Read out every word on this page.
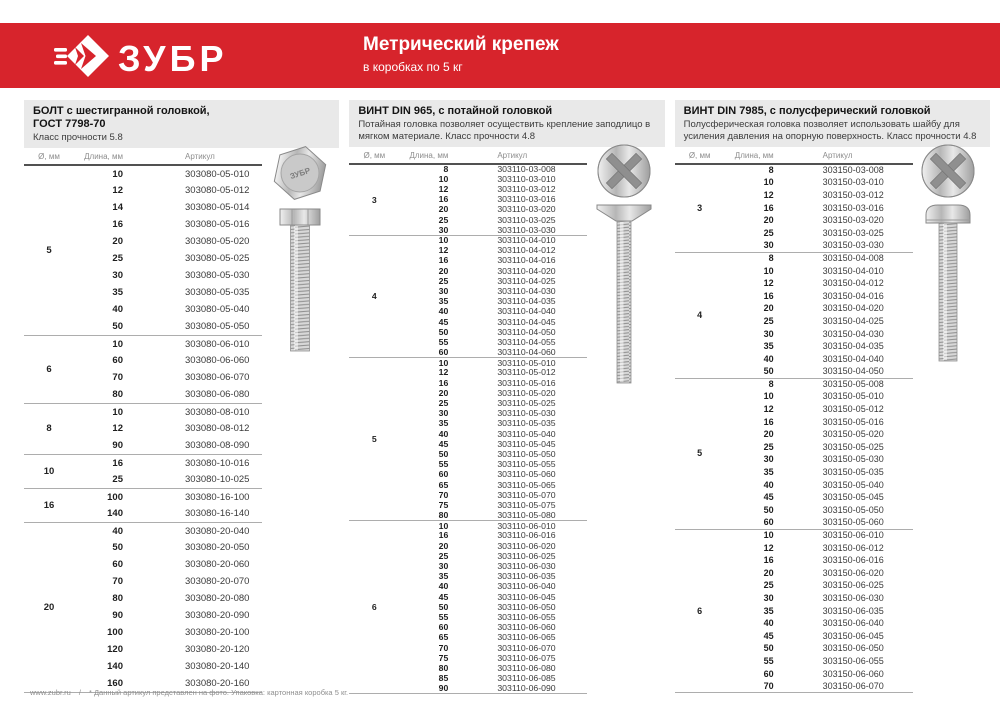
ЗУБР	Метрический крепеж
в коробках по 5 кг
БОЛТ с шестигранной головкой,
ГОСТ 7798-70
Класс прочности 5.8
Ø, мм	Длина, мм	Артикул
5	10	303080-05-010
	12	303080-05-012
	14	303080-05-014
	16	303080-05-016
	20	303080-05-020
	25	303080-05-025
	30	303080-05-030
	35	303080-05-035
	40	303080-05-040
	50	303080-05-050
6	10	303080-06-010
	60	303080-06-060
	70	303080-06-070
	80	303080-06-080
8	10	303080-08-010
	12	303080-08-012
	90	303080-08-090
10	16	303080-10-016
	25	303080-10-025
16	100	303080-16-100
	140	303080-16-140
20	40	303080-20-040
	50	303080-20-050
	60	303080-20-060
	70	303080-20-070
	80	303080-20-080
	90	303080-20-090
	100	303080-20-100
	120	303080-20-120
	140	303080-20-140
	160	303080-20-160
ЗУБР
ВИНТ DIN 965, с потайной головкой
Потайная головка позволяет осуществить крепление заподлицо в мягком материале. Класс прочности 4.8
Ø, мм	Длина, мм	Артикул
3	8	303110-03-008
	10	303110-03-010
	12	303110-03-012
	16	303110-03-016
	20	303110-03-020
	25	303110-03-025
	30	303110-03-030
4	10	303110-04-010
	12	303110-04-012
	16	303110-04-016
	20	303110-04-020
	25	303110-04-025
	30	303110-04-030
	35	303110-04-035
	40	303110-04-040
	45	303110-04-045
	50	303110-04-050
	55	303110-04-055
	60	303110-04-060
5	10	303110-05-010
	12	303110-05-012
	16	303110-05-016
	20	303110-05-020
	25	303110-05-025
	30	303110-05-030
	35	303110-05-035
	40	303110-05-040
	45	303110-05-045
	50	303110-05-050
	55	303110-05-055
	60	303110-05-060
	65	303110-05-065
	70	303110-05-070
	75	303110-05-075
	80	303110-05-080
6	10	303110-06-010
	16	303110-06-016
	20	303110-06-020
	25	303110-06-025
	30	303110-06-030
	35	303110-06-035
	40	303110-06-040
	45	303110-06-045
	50	303110-06-050
	55	303110-06-055
	60	303110-06-060
	65	303110-06-065
	70	303110-06-070
	75	303110-06-075
	80	303110-06-080
	85	303110-06-085
	90	303110-06-090
ВИНТ DIN 7985, с полусферический головкой
Полусферическая головка позволяет использовать шайбу для усиления давления на опорную поверхность. Класс прочности 4.8
Ø, мм	Длина, мм	Артикул
3	8	303150-03-008
	10	303150-03-010
	12	303150-03-012
	16	303150-03-016
	20	303150-03-020
	25	303150-03-025
	30	303150-03-030
4	8	303150-04-008
	10	303150-04-010
	12	303150-04-012
	16	303150-04-016
	20	303150-04-020
	25	303150-04-025
	30	303150-04-030
	35	303150-04-035
	40	303150-04-040
	50	303150-04-050
5	8	303150-05-008
	10	303150-05-010
	12	303150-05-012
	16	303150-05-016
	20	303150-05-020
	25	303150-05-025
	30	303150-05-030
	35	303150-05-035
	40	303150-05-040
	45	303150-05-045
	50	303150-05-050
	60	303150-05-060
6	10	303150-06-010
	12	303150-06-012
	16	303150-06-016
	20	303150-06-020
	25	303150-06-025
	30	303150-06-030
	35	303150-06-035
	40	303150-06-040
	45	303150-06-045
	50	303150-06-050
	55	303150-06-055
	60	303150-06-060
	70	303150-06-070
www.zubr.ru / * Данный артикул представлен на фото. Упаковка: картонная коробка 5 кг.
